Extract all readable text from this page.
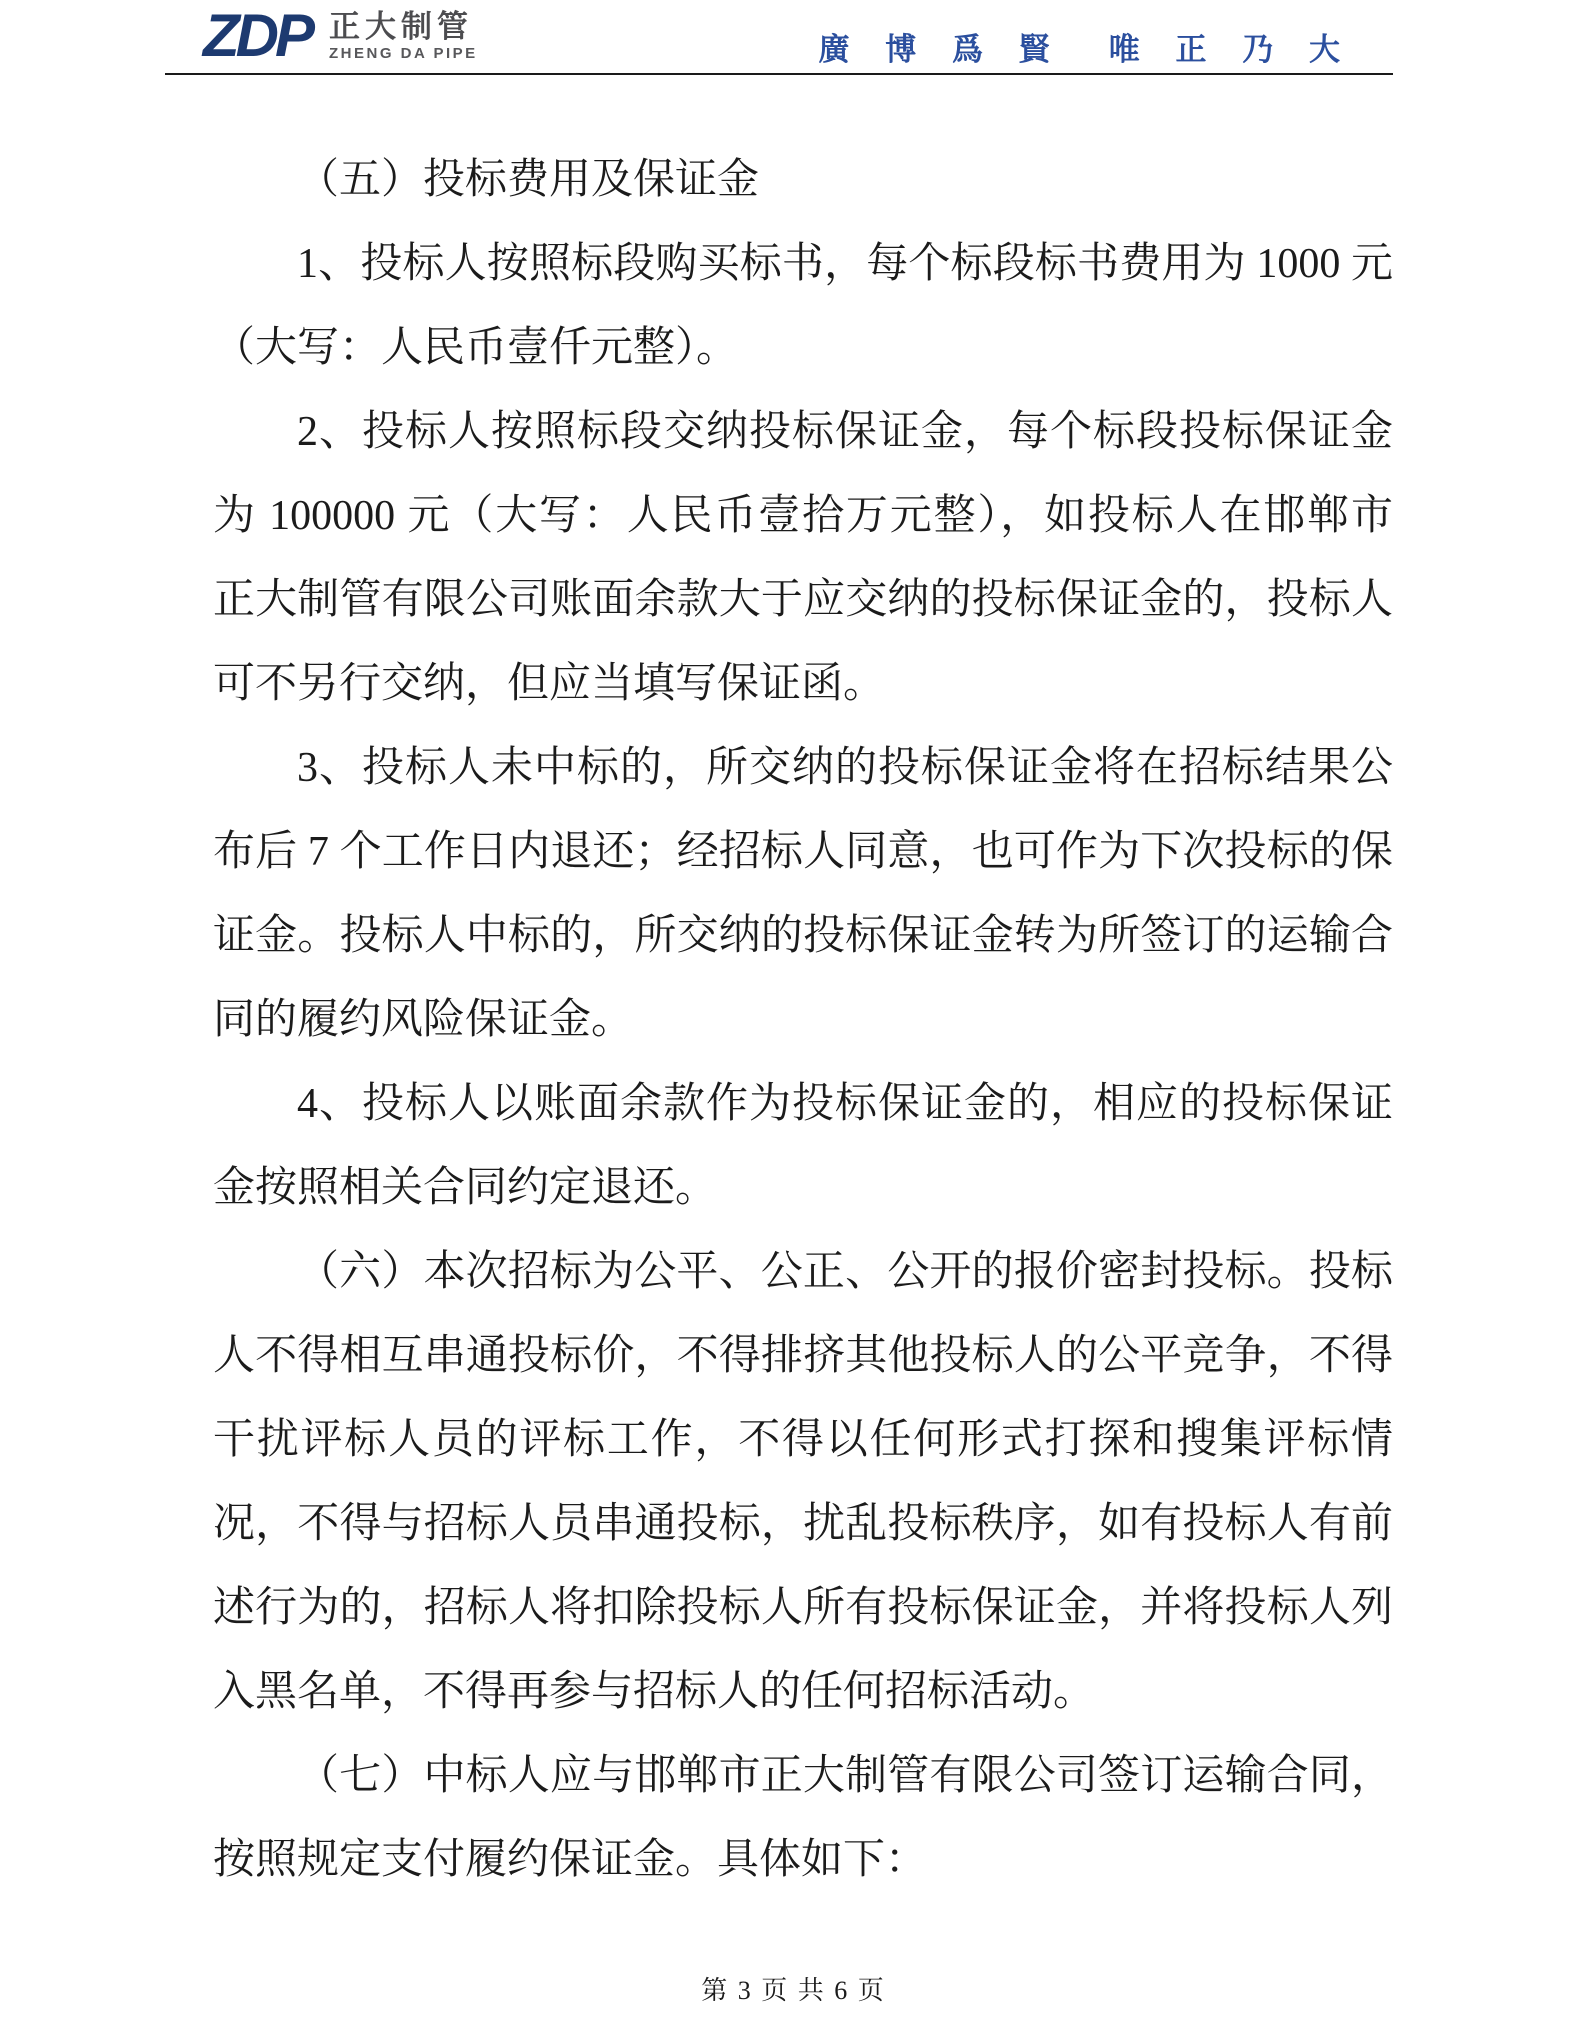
ZDP 正大制管
ZHENG DA PIPE	廣 博 爲 賢　唯 正 乃 大
（五）投标费用及保证金
1、投标人按照标段购买标书，每个标段标书费用为 1000 元
（大写：人民币壹仟元整）。
2、投标人按照标段交纳投标保证金，每个标段投标保证金
为 100000 元（大写：人民币壹拾万元整），如投标人在邯郸市
正大制管有限公司账面余款大于应交纳的投标保证金的，投标人
可不另行交纳，但应当填写保证函。
3、投标人未中标的，所交纳的投标保证金将在招标结果公
布后 7 个工作日内退还；经招标人同意，也可作为下次投标的保
证金。投标人中标的，所交纳的投标保证金转为所签订的运输合
同的履约风险保证金。
4、投标人以账面余款作为投标保证金的，相应的投标保证
金按照相关合同约定退还。
（六）本次招标为公平、公正、公开的报价密封投标。投标
人不得相互串通投标价，不得排挤其他投标人的公平竞争，不得
干扰评标人员的评标工作，不得以任何形式打探和搜集评标情
况，不得与招标人员串通投标，扰乱投标秩序，如有投标人有前
述行为的，招标人将扣除投标人所有投标保证金，并将投标人列
入黑名单，不得再参与招标人的任何招标活动。
（七）中标人应与邯郸市正大制管有限公司签订运输合同，
按照规定支付履约保证金。具体如下：
第 3 页 共 6 页
